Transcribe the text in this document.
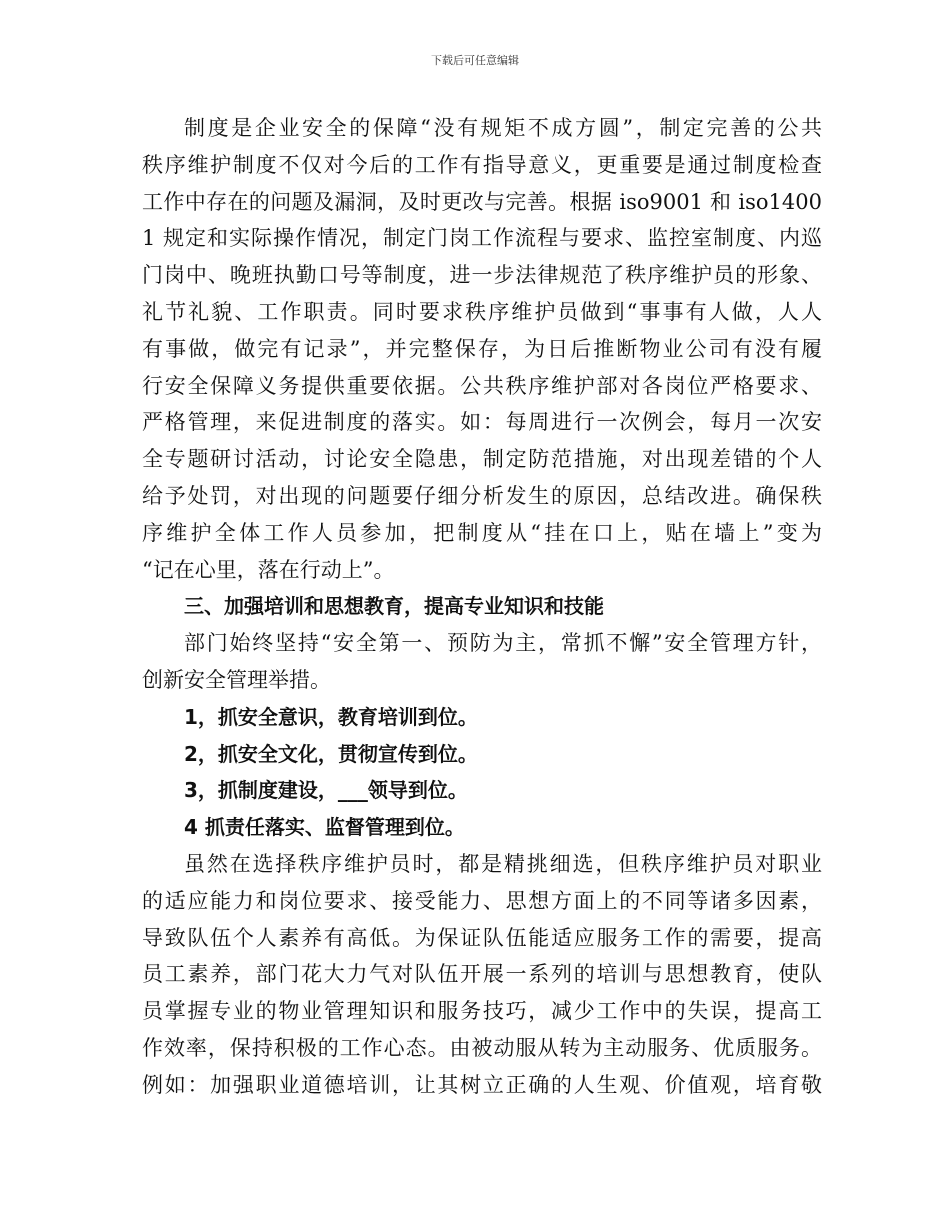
下载后可任意编辑
制度是企业安全的保障“没有规矩不成方圆”，制定完善的公共
秩序维护制度不仅对今后的工作有指导意义，更重要是通过制度检查
工作中存在的问题及漏洞，及时更改与完善。根据 iso9001 和 iso1400
1 规定和实际操作情况，制定门岗工作流程与要求、监控室制度、内巡
门岗中、晚班执勤口号等制度，进一步法律规范了秩序维护员的形象、
礼节礼貌、工作职责。同时要求秩序维护员做到“事事有人做，人人
有事做，做完有记录”，并完整保存，为日后推断物业公司有没有履
行安全保障义务提供重要依据。公共秩序维护部对各岗位严格要求、
严格管理，来促进制度的落实。如：每周进行一次例会，每月一次安
全专题研讨活动，讨论安全隐患，制定防范措施，对出现差错的个人
给予处罚，对出现的问题要仔细分析发生的原因，总结改进。确保秩
序维护全体工作人员参加，把制度从“挂在口上，贴在墙上”变为
“记在心里，落在行动上”。
三、加强培训和思想教育，提高专业知识和技能
部门始终坚持“安全第一、预防为主，常抓不懈”安全管理方针，
创新安全管理举措。
1，抓安全意识，教育培训到位。
2，抓安全文化，贯彻宣传到位。
3，抓制度建设，___领导到位。
4 抓责任落实、监督管理到位。
虽然在选择秩序维护员时，都是精挑细选，但秩序维护员对职业
的适应能力和岗位要求、接受能力、思想方面上的不同等诸多因素，
导致队伍个人素养有高低。为保证队伍能适应服务工作的需要，提高
员工素养，部门花大力气对队伍开展一系列的培训与思想教育，使队
员掌握专业的物业管理知识和服务技巧，减少工作中的失误，提高工
作效率，保持积极的工作心态。由被动服从转为主动服务、优质服务。
例如：加强职业道德培训，让其树立正确的人生观、价值观，培育敬
